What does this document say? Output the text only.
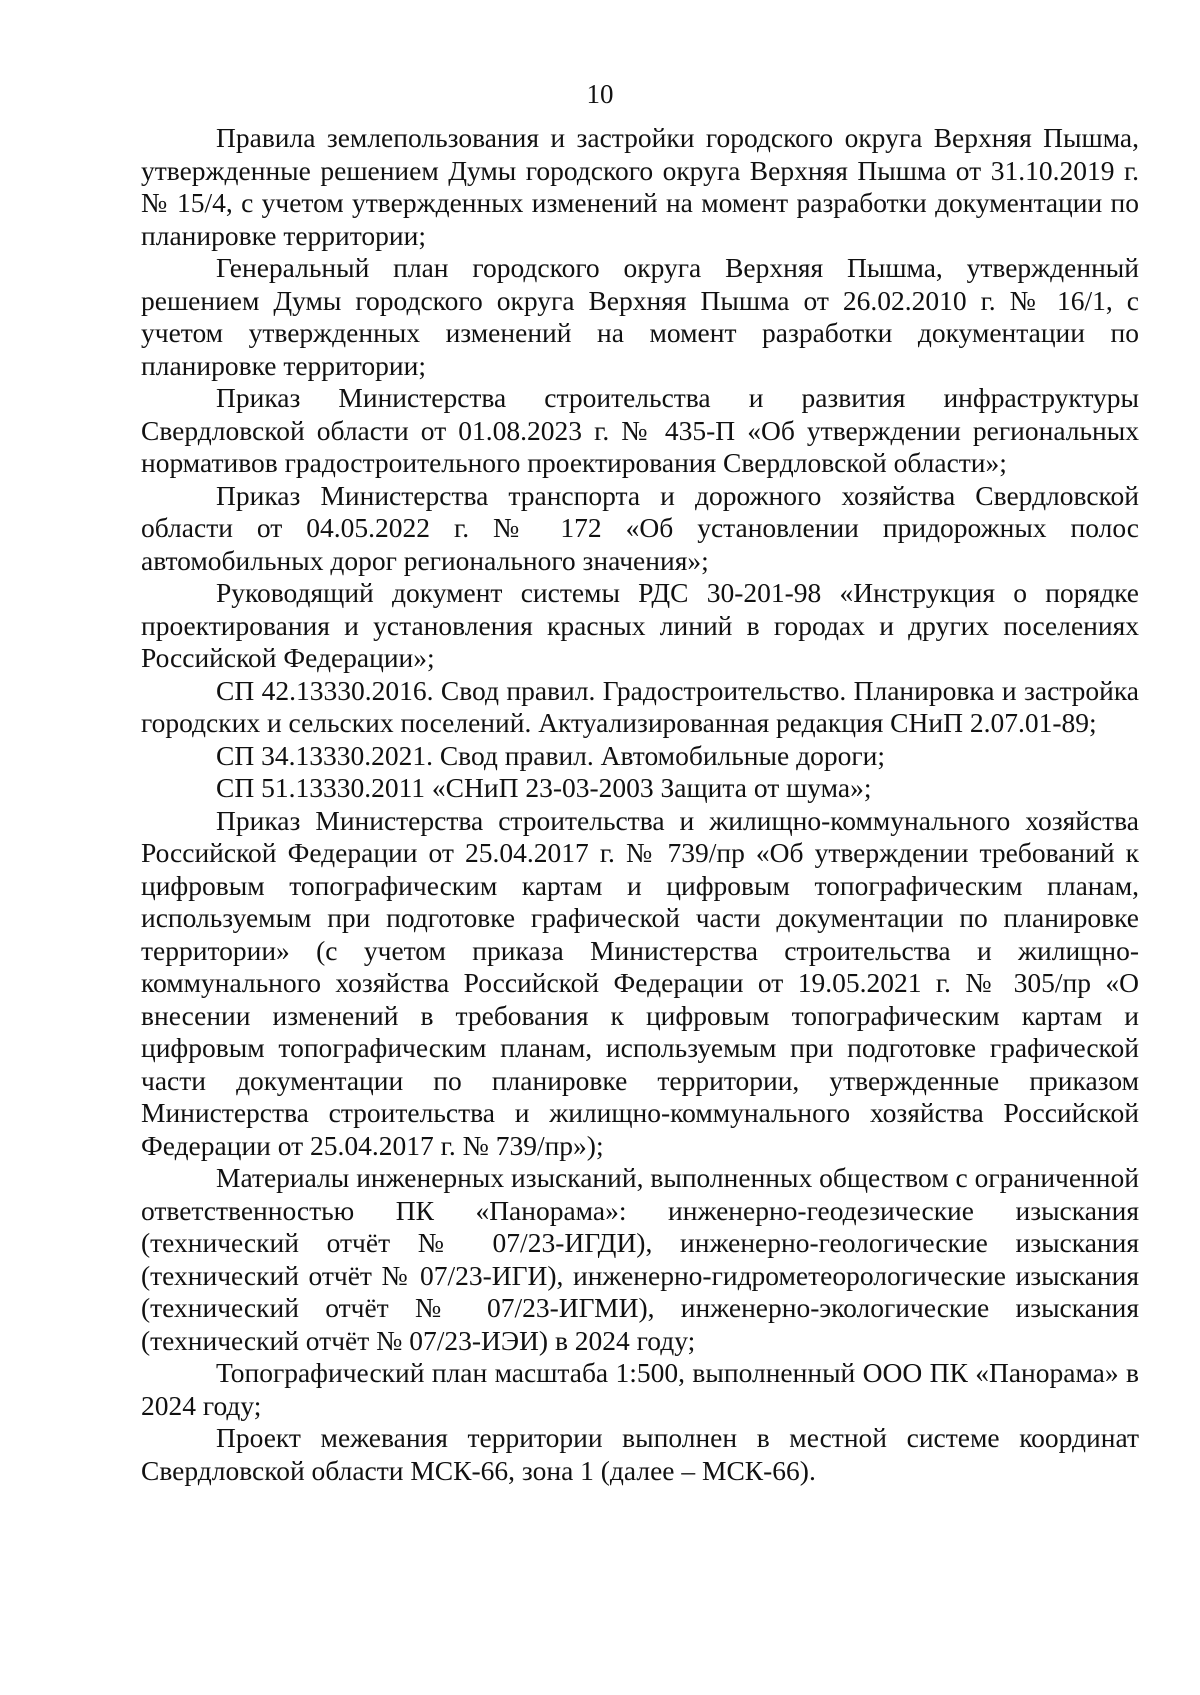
10

Правила землепользования и застройки городского округа Верхняя Пышма, утвержденные решением Думы городского округа Верхняя Пышма от 31.10.2019 г. № 15/4, с учетом утвержденных изменений на момент разработки документации по планировке территории;

Генеральный план городского округа Верхняя Пышма, утвержденный решением Думы городского округа Верхняя Пышма от 26.02.2010 г. № 16/1, с учетом утвержденных изменений на момент разработки документации по планировке территории;

Приказ Министерства строительства и развития инфраструктуры Свердловской области от 01.08.2023 г. № 435-П «Об утверждении региональных нормативов градостроительного проектирования Свердловской области»;

Приказ Министерства транспорта и дорожного хозяйства Свердловской области от 04.05.2022 г. № 172 «Об установлении придорожных полос автомобильных дорог регионального значения»;

Руководящий документ системы РДС 30-201-98 «Инструкция о порядке проектирования и установления красных линий в городах и других поселениях Российской Федерации»;

СП 42.13330.2016. Свод правил. Градостроительство. Планировка и застройка городских и сельских поселений. Актуализированная редакция СНиП 2.07.01-89;

СП 34.13330.2021. Свод правил. Автомобильные дороги;

СП 51.13330.2011 «СНиП 23-03-2003 Защита от шума»;

Приказ Министерства строительства и жилищно-коммунального хозяйства Российской Федерации от 25.04.2017 г. № 739/пр «Об утверждении требований к цифровым топографическим картам и цифровым топографическим планам, используемым при подготовке графической части документации по планировке территории» (с учетом приказа Министерства строительства и жилищно-коммунального хозяйства Российской Федерации от 19.05.2021 г. № 305/пр «О внесении изменений в требования к цифровым топографическим картам и цифровым топографическим планам, используемым при подготовке графической части документации по планировке территории, утвержденные приказом Министерства строительства и жилищно-коммунального хозяйства Российской Федерации от 25.04.2017 г. № 739/пр»);

Материалы инженерных изысканий, выполненных обществом с ограниченной ответственностью ПК «Панорама»: инженерно-геодезические изыскания (технический отчёт № 07/23-ИГДИ), инженерно-геологические изыскания (технический отчёт № 07/23-ИГИ), инженерно-гидрометеорологические изыскания (технический отчёт № 07/23-ИГМИ), инженерно-экологические изыскания (технический отчёт № 07/23-ИЭИ) в 2024 году;

Топографический план масштаба 1:500, выполненный ООО ПК «Панорама» в 2024 году;

Проект межевания территории выполнен в местной системе координат Свердловской области МСК-66, зона 1 (далее – МСК-66).
